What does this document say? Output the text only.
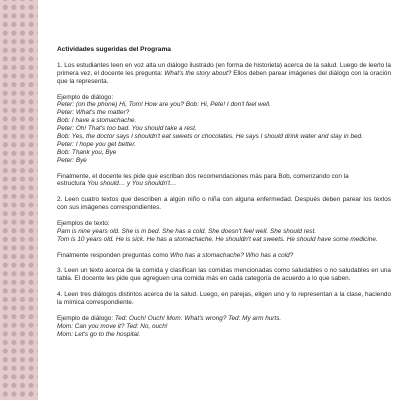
Actividades sugeridas del Programa

1. Los estudiantes leen en voz alta un diálogo ilustrado (en forma de historieta) acerca de la salud. Luego de leerlo la primera vez, el docente les pregunta: What's the story about? Ellos deben parear imágenes del diálogo con la oración que la representa.

Ejemplo de diálogo:
Peter: (on the phone) Hi, Tom! How are you? Bob: Hi, Pete! I don't feel well.
Peter: What's the matter?
Bob: I have a stomachache.
Peter: Oh! That's too bad. You should take a rest.
Bob: Yes, the doctor says I shouldn't eat sweets or chocolates. He says I should drink water and stay in bed.
Peter: I hope you get better.
Bob: Thank you, Bye
Peter: Bye
Finalmente, el docente les pide que escriban dos recomendaciones más para Bob, comenzando con la
estructura You should… y You shouldn't…

2. Leen cuatro textos que describen a algún niño o niña con alguna enfermedad. Después deben parear los textos con sus imágenes correspondientes.

Ejemplos de texto:
Pam is nine years old. She is in bed. She has a cold. She doesn't feel well. She should rest.
Tom is 10 years old. He is sick. He has a stomachache. He shouldn't eat sweets. He should have some medicine.

Finalmente responden preguntas como Who has a stomachache? Who has a cold?

3. Leen un texto acerca de la comida y clasifican las comidas mencionadas como saludables o no saludables en una tabla. El docente les pide que agreguen una comida más en cada categoría de acuerdo a lo que saben.

4. Leen tres diálogos distintos acerca de la salud. Luego, en parejas, eligen uno y lo representan a la clase, haciendo la mímica correspondiente.

Ejemplo de diálogo: Ted: Ouch! Ouch! Mom: What's wrong? Ted: My arm hurts.
Mom: Can you move it? Ted: No, ouch!
Mom: Let's go to the hospital.
